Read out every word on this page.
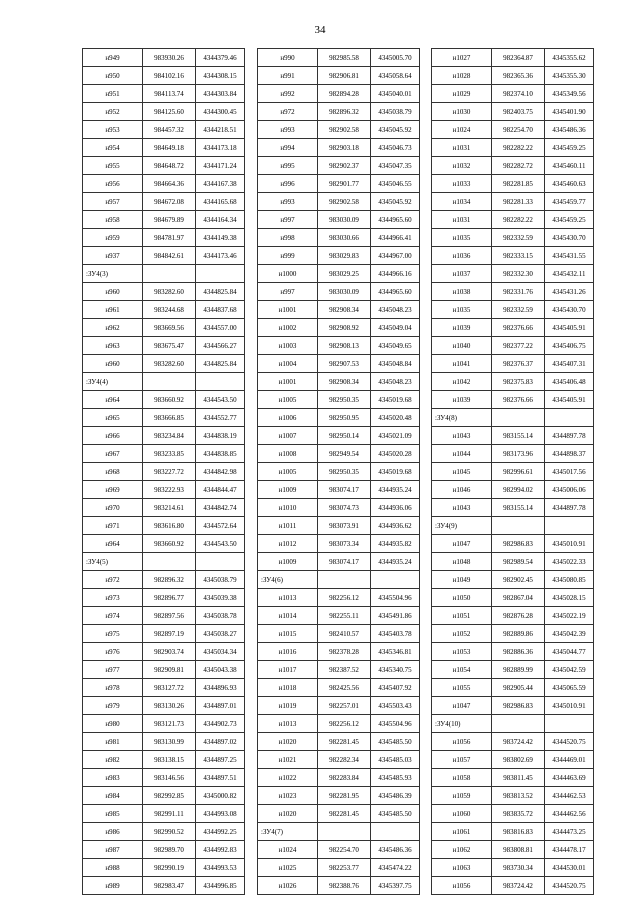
34
н949	983930.26	4344379.46
н950	984102.16	4344308.15
н951	984113.74	4344303.84
н952	984125.60	4344300.45
н953	984457.32	4344218.51
н954	984649.18	4344173.18
н955	984648.72	4344171.24
н956	984664.36	4344167.38
н957	984672.08	4344165.68
н958	984679.89	4344164.34
н959	984781.97	4344149.38
н937	984842.61	4344173.46
:ЗУ4(3)		
н960	983282.60	4344825.84
н961	983244.68	4344837.68
н962	983669.56	4344557.00
н963	983675.47	4344566.27
н960	983282.60	4344825.84
:ЗУ4(4)		
н964	983660.92	4344543.50
н965	983666.85	4344552.77
н966	983234.84	4344838.19
н967	983233.85	4344838.85
н968	983227.72	4344842.98
н969	983222.93	4344844.47
н970	983214.61	4344842.74
н971	983616.80	4344572.64
н964	983660.92	4344543.50
:ЗУ4(5)		
н972	982896.32	4345038.79
н973	982896.77	4345039.38
н974	982897.56	4345038.78
н975	982897.19	4345038.27
н976	982903.74	4345034.34
н977	982909.81	4345043.38
н978	983127.72	4344896.93
н979	983130.26	4344897.01
н980	983121.73	4344902.73
н981	983130.99	4344897.02
н982	983138.15	4344897.25
н983	983146.56	4344897.51
н984	982992.85	4345000.82
н985	982991.11	4344993.08
н986	982990.52	4344992.25
н987	982989.70	4344992.83
н988	982990.19	4344993.53
н989	982983.47	4344996.85
н990	982985.58	4345005.70
н991	982906.81	4345058.64
н992	982894.28	4345040.01
н972	982896.32	4345038.79
н993	982902.58	4345045.92
н994	982903.18	4345046.73
н995	982902.37	4345047.35
н996	982901.77	4345046.55
н993	982902.58	4345045.92
н997	983030.09	4344965.60
н998	983030.66	4344966.41
н999	983029.83	4344967.00
н1000	983029.25	4344966.16
н997	983030.09	4344965.60
н1001	982908.34	4345048.23
н1002	982908.92	4345049.04
н1003	982908.13	4345049.65
н1004	982907.53	4345048.84
н1001	982908.34	4345048.23
н1005	982950.35	4345019.68
н1006	982950.95	4345020.48
н1007	982950.14	4345021.09
н1008	982949.54	4345020.28
н1005	982950.35	4345019.68
н1009	983074.17	4344935.24
н1010	983074.73	4344936.06
н1011	983073.91	4344936.62
н1012	983073.34	4344935.82
н1009	983074.17	4344935.24
:ЗУ4(6)		
н1013	982256.12	4345504.96
н1014	982255.11	4345491.86
н1015	982410.57	4345403.78
н1016	982378.28	4345346.81
н1017	982387.52	4345340.75
н1018	982425.56	4345407.92
н1019	982257.01	4345503.43
н1013	982256.12	4345504.96
н1020	982281.45	4345485.50
н1021	982282.34	4345485.03
н1022	982283.84	4345485.93
н1023	982281.95	4345486.39
н1020	982281.45	4345485.50
:ЗУ4(7)		
н1024	982254.70	4345486.36
н1025	982253.77	4345474.22
н1026	982388.76	4345397.75
н1027	982364.87	4345355.62
н1028	982365.36	4345355.30
н1029	982374.10	4345349.56
н1030	982403.75	4345401.90
н1024	982254.70	4345486.36
н1031	982282.22	4345459.25
н1032	982282.72	4345460.11
н1033	982281.85	4345460.63
н1034	982281.33	4345459.77
н1031	982282.22	4345459.25
н1035	982332.59	4345430.70
н1036	982333.15	4345431.55
н1037	982332.30	4345432.11
н1038	982331.76	4345431.26
н1035	982332.59	4345430.70
н1039	982376.66	4345405.91
н1040	982377.22	4345406.75
н1041	982376.37	4345407.31
н1042	982375.83	4345406.48
н1039	982376.66	4345405.91
:ЗУ4(8)		
н1043	983155.14	4344897.78
н1044	983173.96	4344898.37
н1045	982996.61	4345017.56
н1046	982994.02	4345006.06
н1043	983155.14	4344897.78
:ЗУ4(9)		
н1047	982986.83	4345010.91
н1048	982989.54	4345022.33
н1049	982902.45	4345080.85
н1050	982867.04	4345028.15
н1051	982876.28	4345022.19
н1052	982889.86	4345042.39
н1053	982886.36	4345044.77
н1054	982889.99	4345042.59
н1055	982905.44	4345065.59
н1047	982986.83	4345010.91
:ЗУ4(10)		
н1056	983724.42	4344520.75
н1057	983802.69	4344469.01
н1058	983811.45	4344463.69
н1059	983813.52	4344462.53
н1060	983835.72	4344462.56
н1061	983816.83	4344473.25
н1062	983808.81	4344478.17
н1063	983730.34	4344530.01
н1056	983724.42	4344520.75
